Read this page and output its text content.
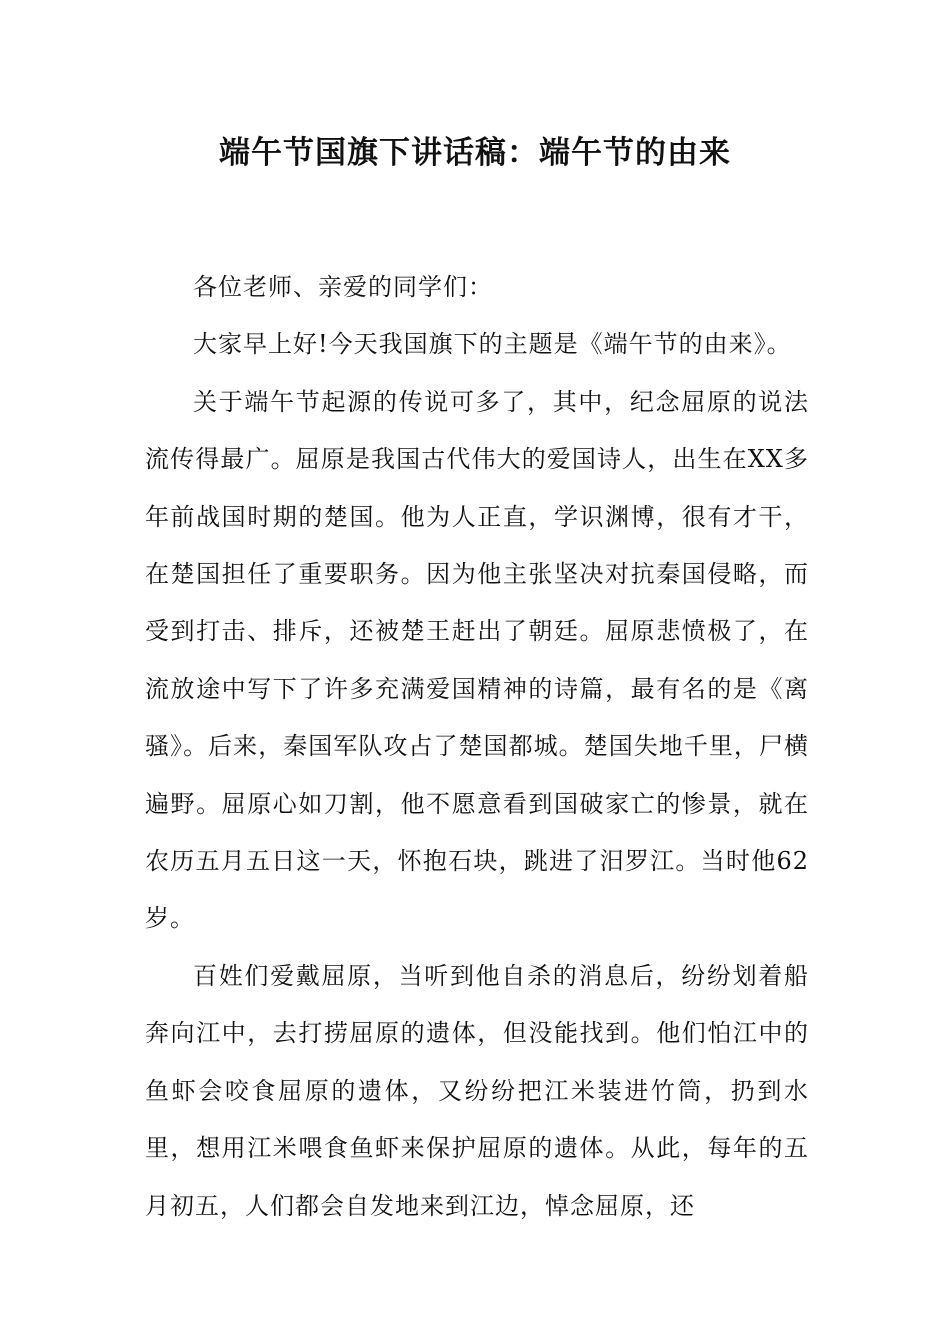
端午节国旗下讲话稿：端午节的由来

各位老师、亲爱的同学们：

大家早上好!今天我国旗下的主题是《端午节的由来》。

关于端午节起源的传说可多了，其中，纪念屈原的说法流传得最广。屈原是我国古代伟大的爱国诗人，出生在XX多年前战国时期的楚国。他为人正直，学识渊博，很有才干，在楚国担任了重要职务。因为他主张坚决对抗秦国侵略，而受到打击、排斥，还被楚王赶出了朝廷。屈原悲愤极了，在流放途中写下了许多充满爱国精神的诗篇，最有名的是《离骚》。后来，秦国军队攻占了楚国都城。楚国失地千里，尸横遍野。屈原心如刀割，他不愿意看到国破家亡的惨景，就在农历五月五日这一天，怀抱石块，跳进了汨罗江。当时他62岁。

百姓们爱戴屈原，当听到他自杀的消息后，纷纷划着船奔向江中，去打捞屈原的遗体，但没能找到。他们怕江中的鱼虾会咬食屈原的遗体，又纷纷把江米装进竹筒，扔到水里，想用江米喂食鱼虾来保护屈原的遗体。从此，每年的五月初五，人们都会自发地来到江边，悼念屈原，还
